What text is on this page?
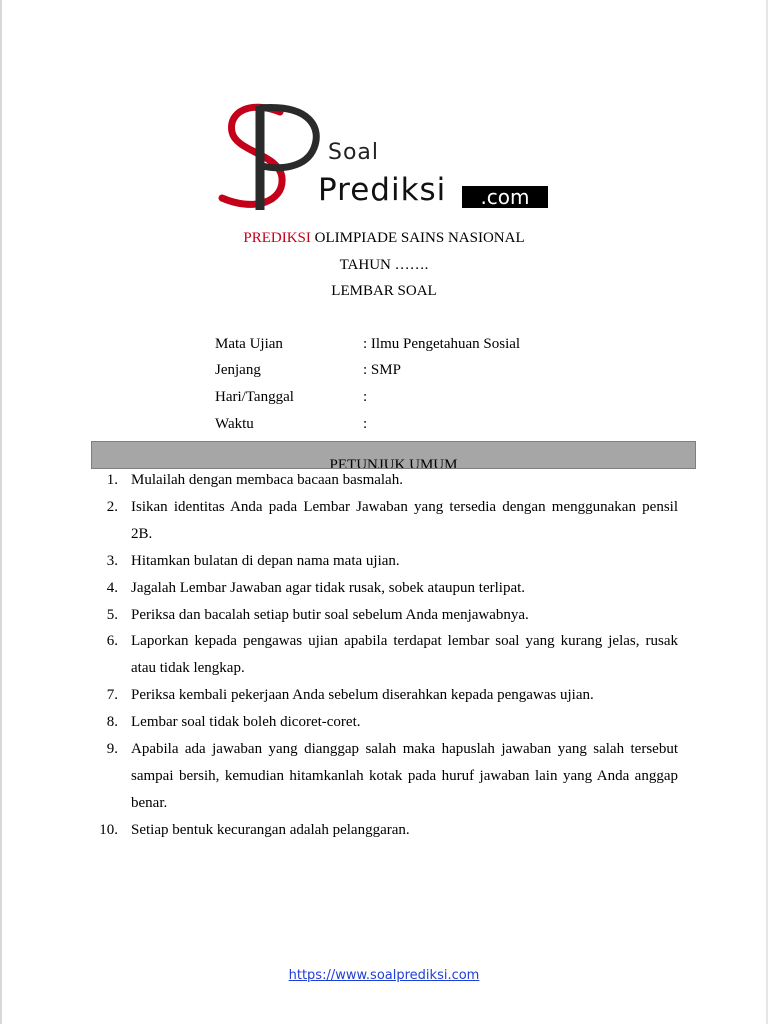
Soal
Prediksi	.com
PREDIKSI OLIMPIADE SAINS NASIONAL
TAHUN …….
LEMBAR SOAL
Mata Ujian	: Ilmu Pengetahuan Sosial
Jenjang	: SMP
Hari/Tanggal	:
Waktu	:
PETUNJUK UMUM
1. Mulailah dengan membaca bacaan basmalah.
2. Isikan identitas Anda pada Lembar Jawaban yang tersedia dengan menggunakan pensil
2B.
3. Hitamkan bulatan di depan nama mata ujian.
4. Jagalah Lembar Jawaban agar tidak rusak, sobek ataupun terlipat.
5. Periksa dan bacalah setiap butir soal sebelum Anda menjawabnya.
6. Laporkan kepada pengawas ujian apabila terdapat lembar soal yang kurang jelas, rusak
atau tidak lengkap.
7. Periksa kembali pekerjaan Anda sebelum diserahkan kepada pengawas ujian.
8. Lembar soal tidak boleh dicoret-coret.
9. Apabila ada jawaban yang dianggap salah maka hapuslah jawaban yang salah tersebut
sampai bersih, kemudian hitamkanlah kotak pada huruf jawaban lain yang Anda anggap
benar.
10. Setiap bentuk kecurangan adalah pelanggaran.
https://www.soalprediksi.com
